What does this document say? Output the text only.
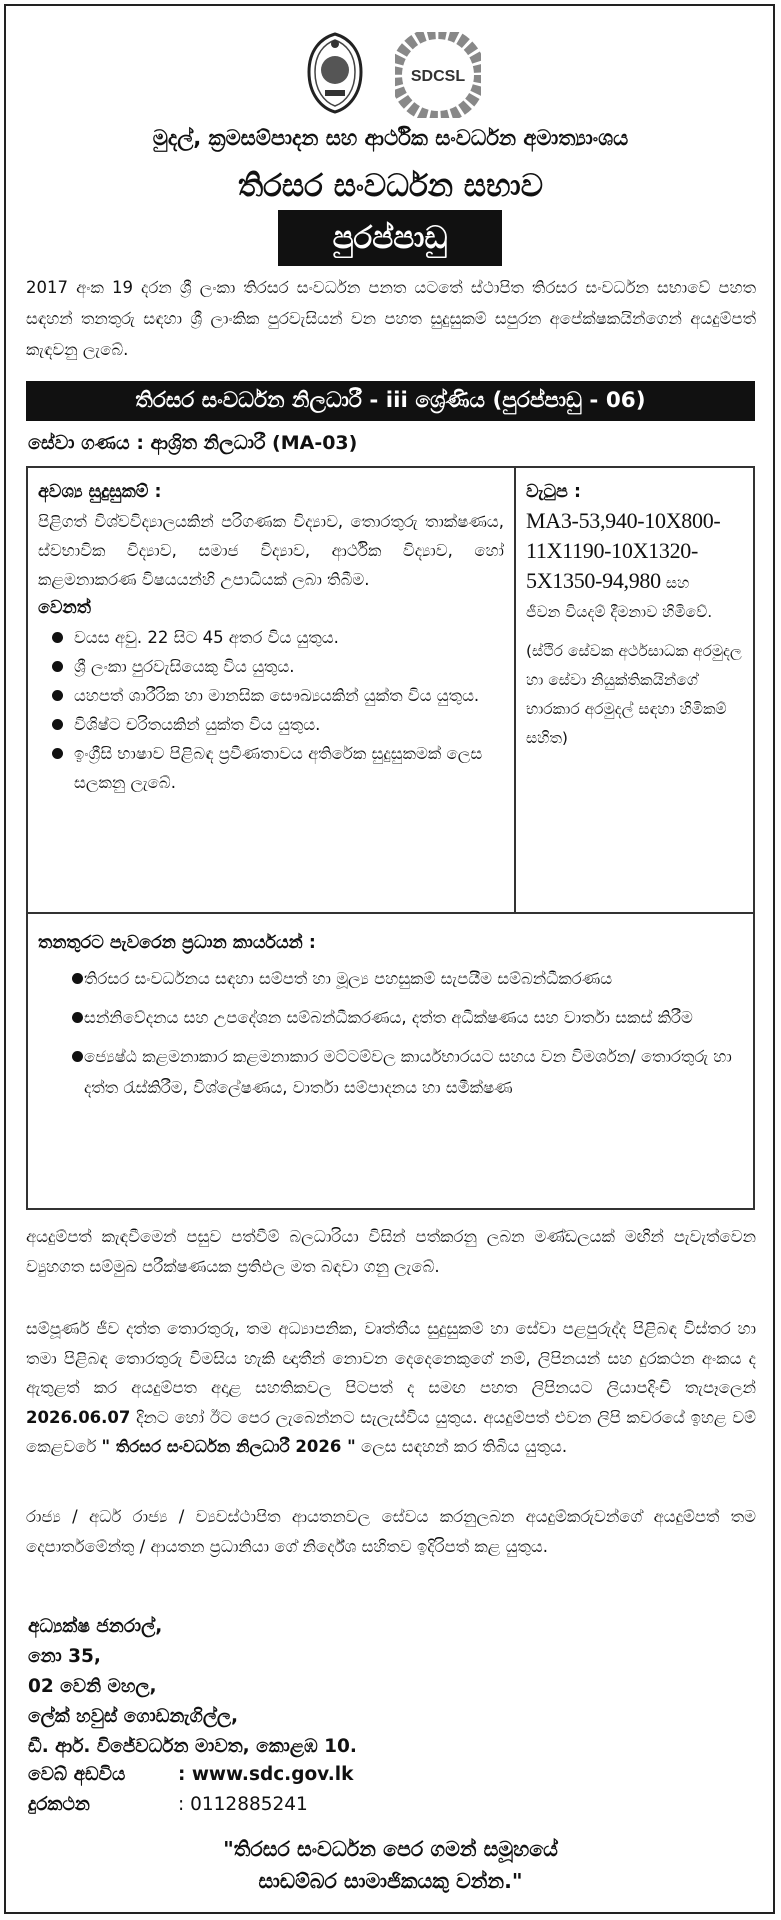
SDCSL
මුදල්, ක්‍රමසම්පාදන සහ ආර්ථික සංවර්ධන අමාත්‍යාංශය
තිරසර සංවර්ධන සභාව
පුරප්පාඩු
2017 අංක 19 දරන ශ්‍රී ලංකා තිරසර සංවර්ධන පනත යටතේ ස්ථාපිත තිරසර සංවර්ධන සභාවේ පහත සඳහන් තනතුරු සඳහා ශ්‍රී ලාංකික පුරවැසියන් වන පහත සුදුසුකම් සපුරන අපේක්ෂකයින්ගෙන් අයදුම්පත් කැඳවනු ලැබේ.
තිරසර සංවර්ධන නිලධාරී - iii ශ්‍රේණිය (පුරප්පාඩු - 06)
සේවා ගණය : ආශ්‍රිත නිලධාරී (MA-03)
අවශ්‍ය සුදුසුකම් :
පිළිගත් විශ්වවිද්‍යාලයකින් පරිගණක විද්‍යාව, තොරතුරු තාක්ෂණය, ස්වභාවික විද්‍යාව, සමාජ විද්‍යාව, ආර්ථික විද්‍යාව, හෝ කළමනාකරණ විෂයයන්හි උපාධියක් ලබා තිබීම.
වෙනත්
වයස අවු. 22 සිට 45 අතර විය යුතුය.
ශ්‍රී ලංකා පුරවැසියෙකු විය යුතුය.
යහපත් ශාරීරික හා මානසික සෞඛ්‍යයකින් යුක්ත විය යුතුය.
විශිෂ්ට චරිතයකින් යුක්ත විය යුතුය.
ඉංග්‍රීසි භාෂාව පිළිබඳ ප්‍රවීණතාවය අතිරේක සුදුසුකමක් ලෙස සලකනු ලැබේ.
වැටුප :
MA3-53,940-10X800-11X1190-10X1320-5X1350-94,980 සහ
ජීවන වියදම් දීමනාව හිමිවේ.
(ස්ථිර සේවක අර්ථසාධක අරමුදල හා සේවා නියුක්තිකයින්ගේ භාරකාර අරමුදල් සඳහා හිමිකම් සහිත)
තනතුරට පැවරෙන ප්‍රධාන කාර්යයන් :
තිරසර සංවර්ධනය සඳහා සම්පත් හා මූල්‍ය පහසුකම් සැපයීම සම්බන්ධීකරණය
සන්නිවේදනය සහ උපදේශන සම්බන්ධීකරණය, දත්ත අධීක්ෂණය සහ වාර්තා සකස් කිරීම
ජ්‍යෙෂ්ඨ කළමනාකාර කළමනාකාර මට්ටම්වල කාර්යභාරයට සහය වන විමර්ශන/ තොරතුරු හා දත්ත රැස්කිරීම, විශ්ලේෂණය, වාර්තා සම්පාදනය හා සමීක්ෂණ
අයදුම්පත් කැඳවීමෙන් පසුව පත්වීම් බලධාරියා විසින් පත්කරනු ලබන මණ්ඩලයක් මඟින් පැවැත්වෙන ව්‍යුහගත සම්මුඛ පරීක්ෂණයක ප්‍රතිඵල මත බඳවා ගනු ලැබේ.
සම්පූර්ණ ජීව දත්ත තොරතුරු, තම අධ්‍යාපනික, වෘත්තීය සුදුසුකම් හා සේවා පළපුරුද්ද පිළිබඳ විස්තර හා තමා පිළිබඳ තොරතුරු විමසිය හැකි ඥාතීන් නොවන දෙදෙනෙකුගේ නම්, ලිපිනයන් සහ දුරකථන අංකය ද ඇතුළත් කර අයදුම්පත අදාළ සහතිකවල පිටපත් ද සමඟ පහත ලිපිනයට ලියාපදිංචි තැපෑලෙන් 2026.06.07 දිනට හෝ ඊට පෙර ලැබෙන්නට සැලැස්විය යුතුය. අයදුම්පත් එවන ලිපි කවරයේ ඉහළ වම් කෙළවරේ " තිරසර සංවර්ධන නිලධාරී 2026 " ලෙස සඳහන් කර තිබිය යුතුය.
රාජ්‍ය / අර්ධ රාජ්‍ය / ව්‍යවස්ථාපිත ආයතනවල සේවය කරනුලබන අයදුම්කරුවන්ගේ අයදුම්පත් තම දෙපාර්තමේන්තු / ආයතන ප්‍රධානියා ගේ නිර්දේශ සහිතව ඉදිරිපත් කළ යුතුය.
අධ්‍යක්ෂ ජනරාල්,
නො 35,
02 වෙනි මහල,
ලේක් හවුස් ගොඩනැගිල්ල,
ඩී. ආර්. විජේවර්ධන මාවත, කොළඹ 10.
වෙබ් අඩවිය	: www.sdc.gov.lk
දුරකථන	: 0112885241
"තිරසර සංවර්ධන පෙර ගමන් සමූහයේ
සාඩම්බර සාමාජිකයකු වන්න."
